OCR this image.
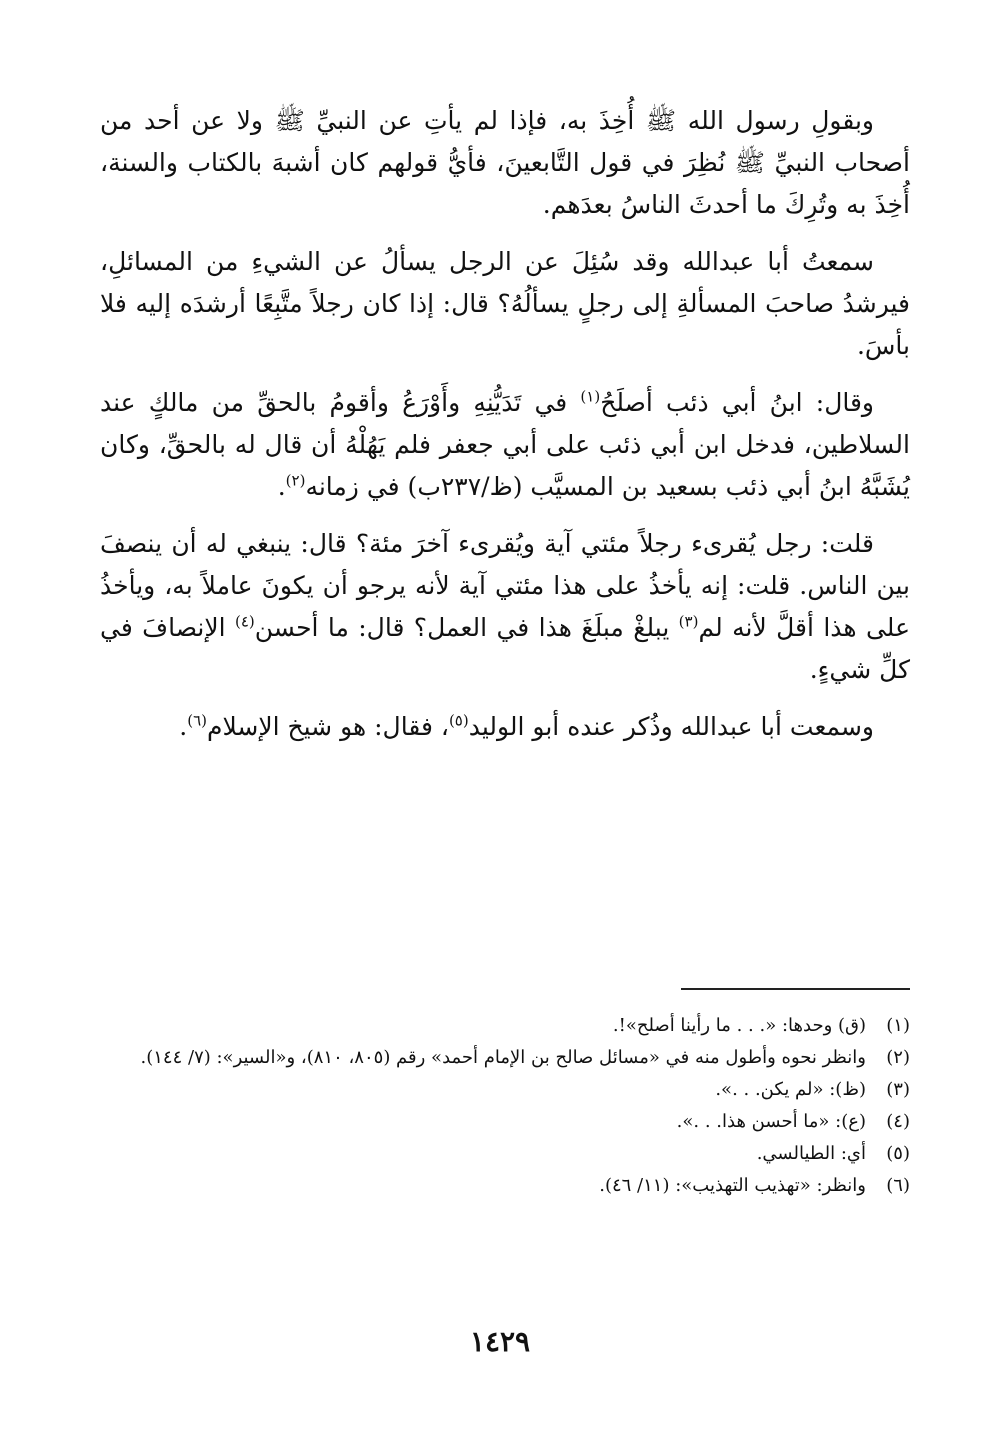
وبقولِ رسول الله ﷺ أُخِذَ به، فإذا لم يأتِ عن النبيِّ ﷺ ولا عن أحد من أصحاب النبيِّ ﷺ نُظِرَ في قول التَّابعينَ، فأيُّ قولهم كان أشبهَ بالكتاب والسنة، أُخِذَ به وتُرِكَ ما أحدثَ الناسُ بعدَهم.

سمعتُ أبا عبدالله وقد سُئِلَ عن الرجل يسألُ عن الشيءِ من المسائلِ، فيرشدُ صاحبَ المسألةِ إلى رجلٍ يسألُهُ؟ قال: إذا كان رجلاً متَّبِعًا أرشدَه إليه فلا بأسَ.

وقال: ابنُ أبي ذئب أصلَحُ$^{(١)}$ في تَدَيُّنِهِ وأَوْرَعُ وأقومُ بالحقِّ من مالكٍ عند السلاطين، فدخل ابن أبي ذئب على أبي جعفر فلم يَهُلْهُ أن قال له بالحقِّ، وكان يُشَبَّهُ ابنُ أبي ذئب بسعيد بن المسيَّب (ظ/٢٣٧ب) في زمانه$^{(٢)}$.

قلت: رجل يُقرىء رجلاً مئتي آية ويُقرىء آخرَ مئة؟ قال: ينبغي له أن ينصفَ بين الناس. قلت: إنه يأخذُ على هذا مئتي آية لأنه يرجو أن يكونَ عاملاً به، ويأخذُ على هذا أقلَّ لأنه لم$^{(٣)}$ يبلغْ مبلَغَ هذا في العمل؟ قال: ما أحسن$^{(٤)}$ الإنصافَ في كلِّ شيءٍ.

وسمعت أبا عبدالله وذُكر عنده أبو الوليد$^{(٥)}$، فقال: هو شيخ الإسلام$^{(٦)}$.

(١)
(ق) وحدها: «. . . ما رأينا أصلح»!.
(٢)
وانظر نحوه وأطول منه في «مسائل صالح بن الإمام أحمد» رقم (٨٠٥، ٨١٠)، و«السير»: (٧/ ١٤٤).
(٣)
(ظ): «لم يكن. . .».
(٤)
(ع): «ما أحسن هذا. . .».
(٥)
أي: الطيالسي.
(٦)
وانظر: «تهذيب التهذيب»: (١١/ ٤٦).
١٤٢٩
